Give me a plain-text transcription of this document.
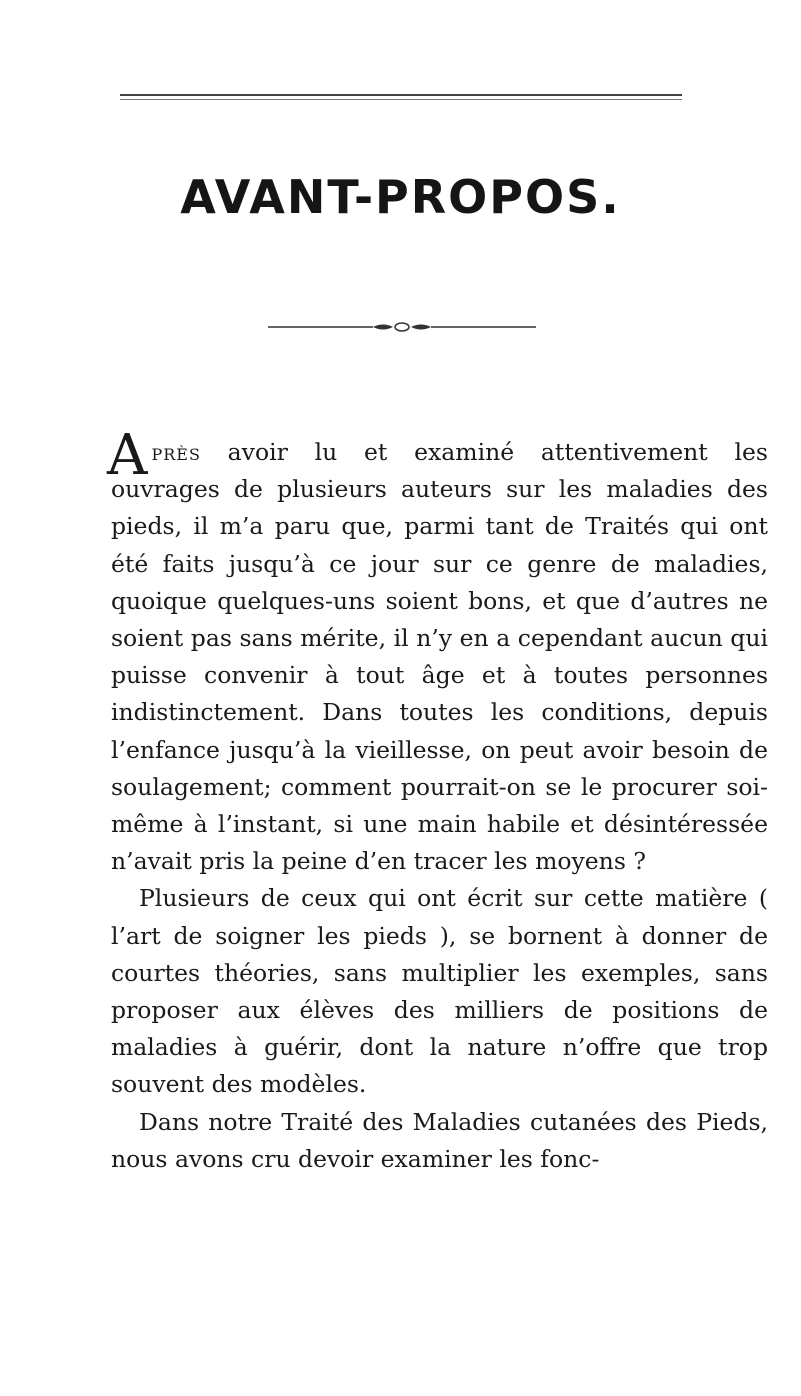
AVANT-PROPOS.

Après avoir lu et examiné attentivement les ouvrages de plusieurs auteurs sur les maladies des pieds, il m’a paru que, parmi tant de Traités qui ont été faits jusqu’à ce jour sur ce genre de maladies, quoique quelques-uns soient bons, et que d’autres ne soient pas sans mérite, il n’y en a cependant aucun qui puisse convenir à tout âge et à toutes personnes indistinctement. Dans toutes les conditions, depuis l’enfance jusqu’à la vieillesse, on peut avoir besoin de soulagement; comment pourrait-on se le procurer soi-même à l’instant, si une main habile et désintéressée n’avait pris la peine d’en tracer les moyens ?

Plusieurs de ceux qui ont écrit sur cette matière ( l’art de soigner les pieds ), se bornent à donner de courtes théories, sans multiplier les exemples, sans proposer aux élèves des milliers de positions de maladies à guérir, dont la nature n’offre que trop souvent des modèles.

Dans notre Traité des Maladies cutanées des Pieds, nous avons cru devoir examiner les fonc-
